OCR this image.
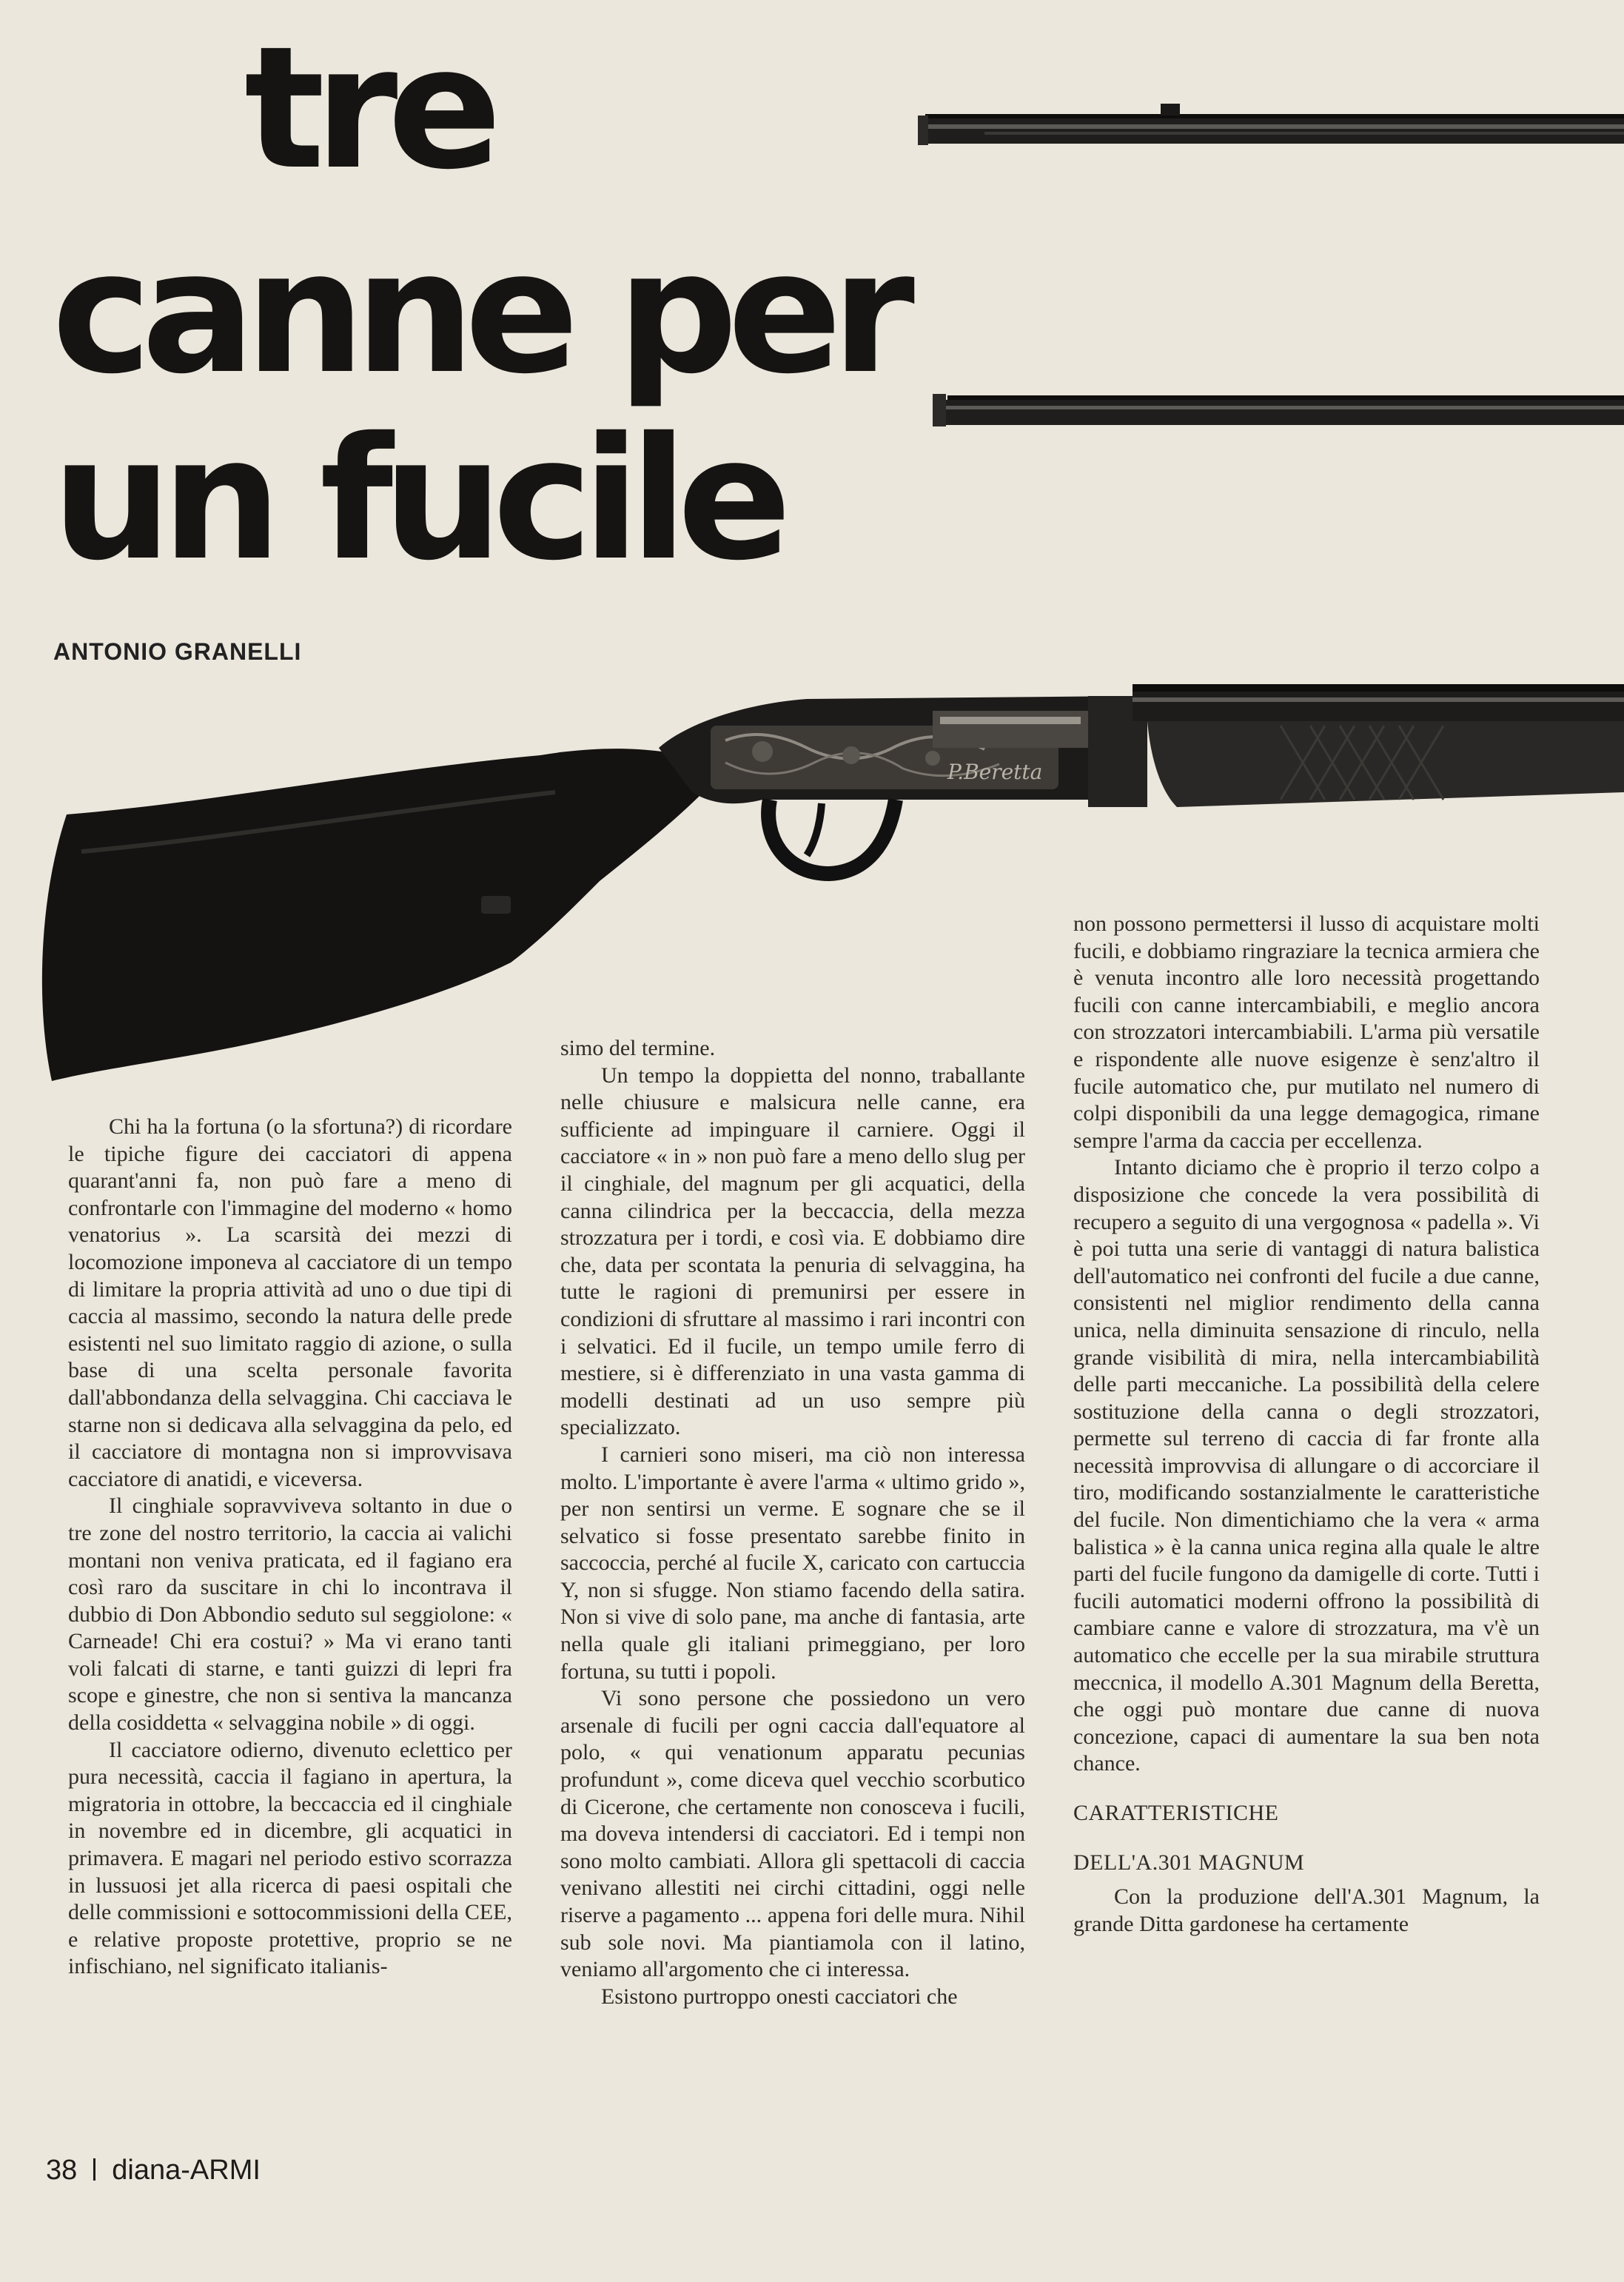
tre
canne per
un fucile

ANTONIO GRANELLI

P.Beretta

Chi ha la fortuna (o la sfortuna?) di ricordare le tipiche figure dei cacciatori di appena quarant'anni fa, non può fare a meno di confrontarle con l'immagine del moderno « homo venatorius ». La scarsità dei mezzi di locomozione imponeva al cacciatore di un tempo di limitare la propria attività ad uno o due tipi di caccia al massimo, secondo la natura delle prede esistenti nel suo limitato raggio di azione, o sulla base di una scelta personale favorita dall'abbondanza della selvaggina. Chi cacciava le starne non si dedicava alla selvaggina da pelo, ed il cacciatore di montagna non si improvvisava cacciatore di anatidi, e viceversa.

Il cinghiale sopravviveva soltanto in due o tre zone del nostro territorio, la caccia ai valichi montani non veniva praticata, ed il fagiano era così raro da suscitare in chi lo incontrava il dubbio di Don Abbondio seduto sul seggiolone: « Carneade! Chi era costui? » Ma vi erano tanti voli falcati di starne, e tanti guizzi di lepri fra scope e ginestre, che non si sentiva la mancanza della cosiddetta « selvaggina nobile » di oggi.

Il cacciatore odierno, divenuto eclettico per pura necessità, caccia il fagiano in apertura, la migratoria in ottobre, la beccaccia ed il cinghiale in novembre ed in dicembre, gli acquatici in primavera. E magari nel periodo estivo scorrazza in lussuosi jet alla ricerca di paesi ospitali che delle commissioni e sottocommissioni della CEE, e relative proposte protettive, proprio se ne infischiano, nel significato italianis-

simo del termine.

Un tempo la doppietta del nonno, traballante nelle chiusure e malsicura nelle canne, era sufficiente ad impinguare il carniere. Oggi il cacciatore « in » non può fare a meno dello slug per il cinghiale, del magnum per gli acquatici, della canna cilindrica per la beccaccia, della mezza strozzatura per i tordi, e così via. E dobbiamo dire che, data per scontata la penuria di selvaggina, ha tutte le ragioni di premunirsi per essere in condizioni di sfruttare al massimo i rari incontri con i selvatici. Ed il fucile, un tempo umile ferro di mestiere, si è differenziato in una vasta gamma di modelli destinati ad un uso sempre più specializzato.

I carnieri sono miseri, ma ciò non interessa molto. L'importante è avere l'arma « ultimo grido », per non sentirsi un verme. E sognare che se il selvatico si fosse presentato sarebbe finito in saccoccia, perché al fucile X, caricato con cartuccia Y, non si sfugge. Non stiamo facendo della satira. Non si vive di solo pane, ma anche di fantasia, arte nella quale gli italiani primeggiano, per loro fortuna, su tutti i popoli.

Vi sono persone che possiedono un vero arsenale di fucili per ogni caccia dall'equatore al polo, « qui venationum apparatu pecunias profundunt », come diceva quel vecchio scorbutico di Cicerone, che certamente non conosceva i fucili, ma doveva intendersi di cacciatori. Ed i tempi non sono molto cambiati. Allora gli spettacoli di caccia venivano allestiti nei circhi cittadini, oggi nelle riserve a pagamento ... appena fori delle mura. Nihil sub sole novi. Ma piantiamola con il latino, veniamo all'argomento che ci interessa.

Esistono purtroppo onesti cacciatori che

non possono permettersi il lusso di acquistare molti fucili, e dobbiamo ringraziare la tecnica armiera che è venuta incontro alle loro necessità progettando fucili con canne intercambiabili, e meglio ancora con strozzatori intercambiabili. L'arma più versatile e rispondente alle nuove esigenze è senz'altro il fucile automatico che, pur mutilato nel numero di colpi disponibili da una legge demagogica, rimane sempre l'arma da caccia per eccellenza.

Intanto diciamo che è proprio il terzo colpo a disposizione che concede la vera possibilità di recupero a seguito di una vergognosa « padella ». Vi è poi tutta una serie di vantaggi di natura balistica dell'automatico nei confronti del fucile a due canne, consistenti nel miglior rendimento della canna unica, nella diminuita sensazione di rinculo, nella grande visibilità di mira, nella intercambiabilità delle parti meccaniche. La possibilità della celere sostituzione della canna o degli strozzatori, permette sul terreno di caccia di far fronte alla necessità improvvisa di allungare o di accorciare il tiro, modificando sostanzialmente le caratteristiche del fucile. Non dimentichiamo che la vera « arma balistica » è la canna unica regina alla quale le altre parti del fucile fungono da damigelle di corte. Tutti i fucili automatici moderni offrono la possibilità di cambiare canne e valore di strozzatura, ma v'è un automatico che eccelle per la sua mirabile struttura meccnica, il modello A.301 Magnum della Beretta, che oggi può montare due canne di nuova concezione, capaci di aumentare la sua ben nota chance.

CARATTERISTICHE
DELL'A.301 MAGNUM

Con la produzione dell'A.301 Magnum, la grande Ditta gardonese ha certamente

38 diana-ARMI
